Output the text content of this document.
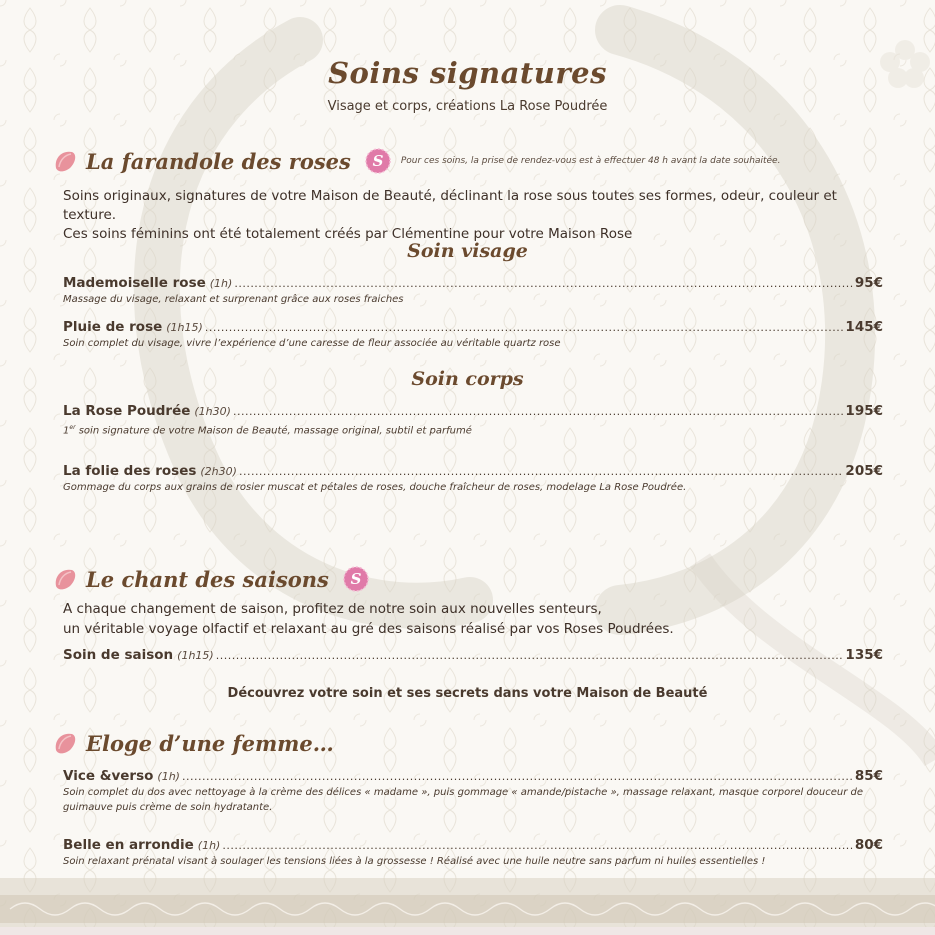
Soins signatures
Visage et corps, créations La Rose Poudrée
La farandole des roses S Pour ces soins, la prise de rendez-vous est à effectuer 48 h avant la date souhaitée.
Soins originaux, signatures de votre Maison de Beauté, déclinant la rose sous toutes ses formes, odeur, couleur et texture.
Ces soins féminins ont été totalement créés par Clémentine pour votre Maison Rose
Soin visage
Mademoiselle rose (1h) .....	95€
Massage du visage, relaxant et surprenant grâce aux roses fraiches
Pluie de rose (1h15) .....	145€
Soin complet du visage, vivre l’expérience d’une caresse de fleur associée au véritable quartz rose
Soin corps
La Rose Poudrée (1h30) .....	195€
1er soin signature de votre Maison de Beauté, massage original, subtil et parfumé
La folie des roses (2h30) .....	205€
Gommage du corps aux grains de rosier muscat et pétales de roses, douche fraîcheur de roses, modelage La Rose Poudrée.
Le chant des saisons S
A chaque changement de saison, profitez de notre soin aux nouvelles senteurs,
un véritable voyage olfactif et relaxant au gré des saisons réalisé par vos Roses Poudrées.
Soin de saison (1h15) .....	135€
Découvrez votre soin et ses secrets dans votre Maison de Beauté
Eloge d’une femme…
Vice &verso (1h) .....	85€
Soin complet du dos avec nettoyage à la crème des délices « madame », puis gommage « amande/pistache », massage relaxant, masque corporel douceur de guimauve puis crème de soin hydratante.
Belle en arrondie (1h) .....	80€
Soin relaxant prénatal visant à soulager les tensions liées à la grossesse ! Réalisé avec une huile neutre sans parfum ni huiles essentielles !
